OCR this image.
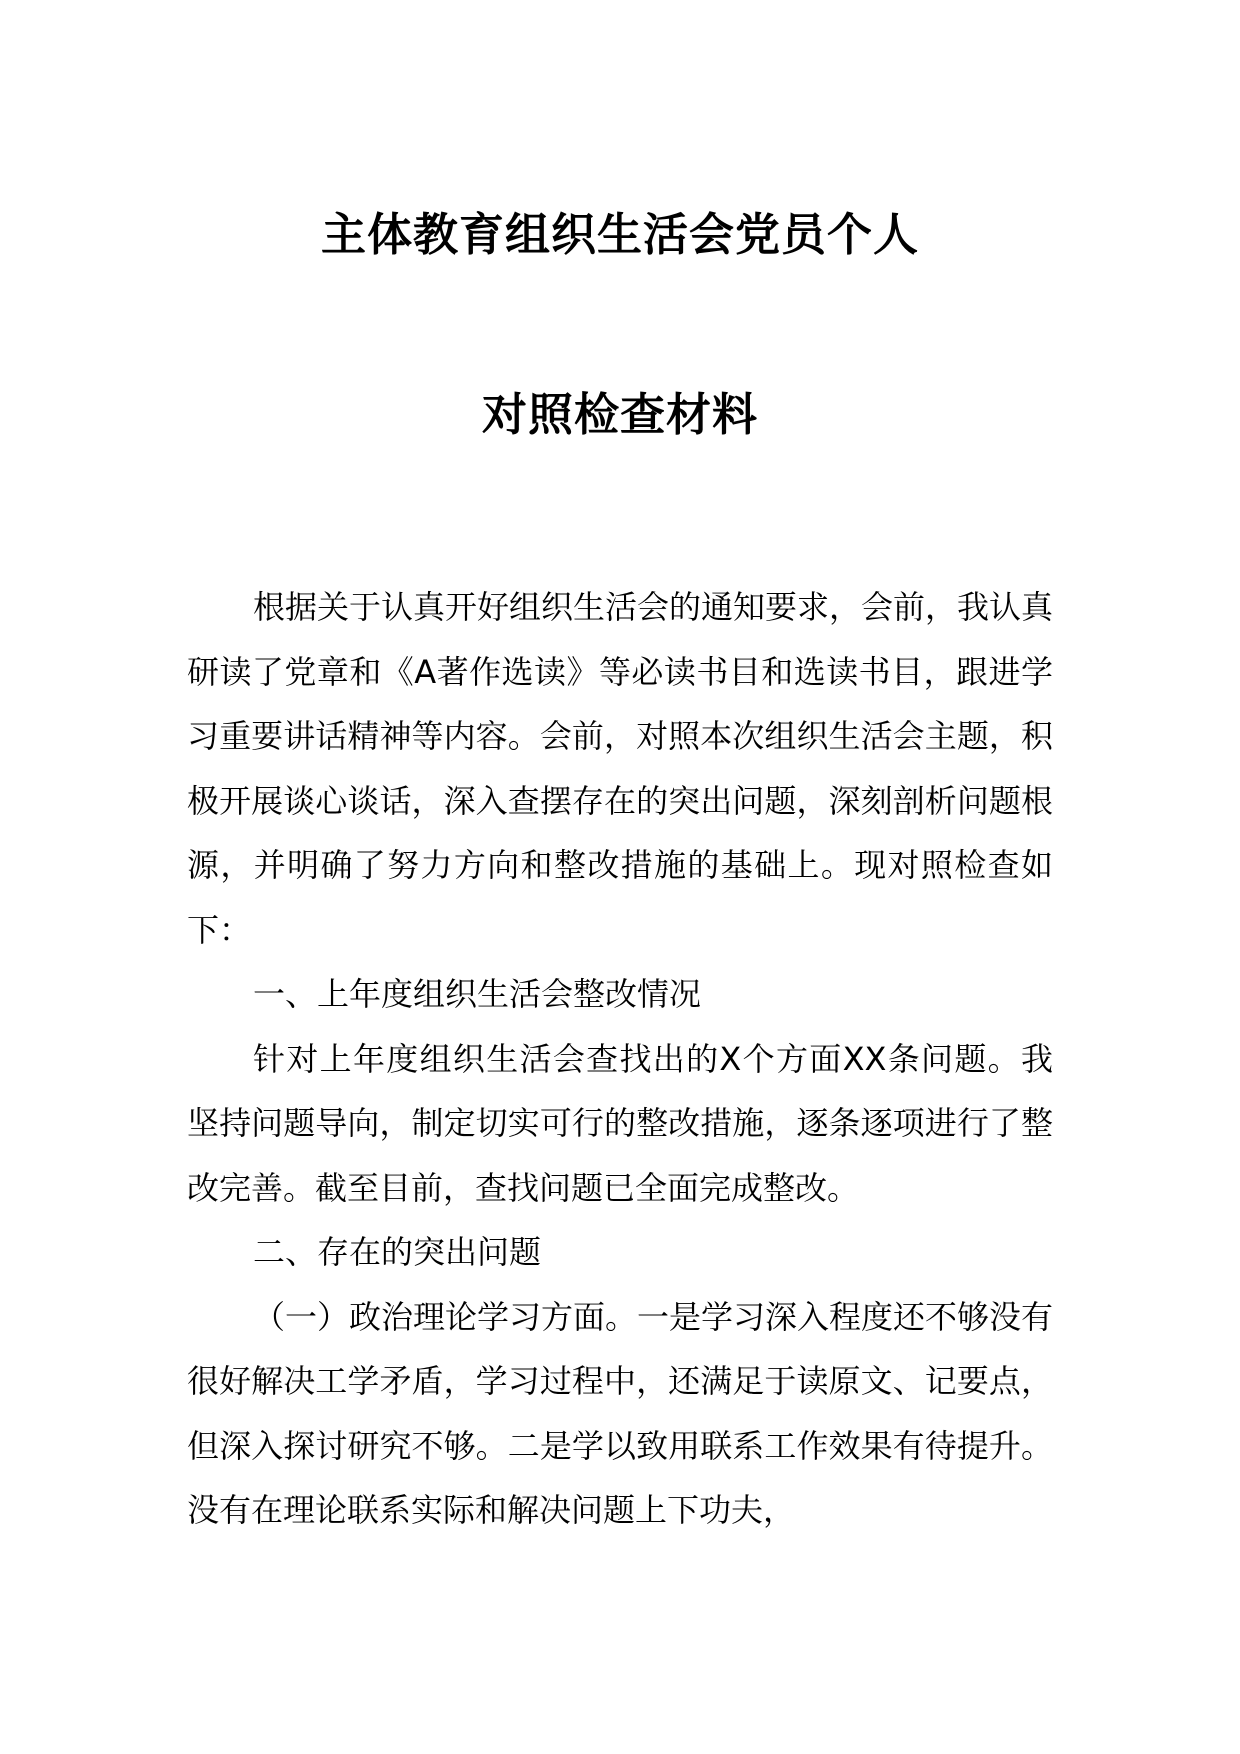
主体教育组织生活会党员个人
对照检查材料

根据关于认真开好组织生活会的通知要求，会前，我认真研读了党章和《A著作选读》等必读书目和选读书目，跟进学习重要讲话精神等内容。会前，对照本次组织生活会主题，积极开展谈心谈话，深入查摆存在的突出问题，深刻剖析问题根源，并明确了努力方向和整改措施的基础上。现对照检查如下：

一、上年度组织生活会整改情况

针对上年度组织生活会查找出的X个方面XX条问题。我坚持问题导向，制定切实可行的整改措施，逐条逐项进行了整改完善。截至目前，查找问题已全面完成整改。

二、存在的突出问题

（一）政治理论学习方面。一是学习深入程度还不够没有很好解决工学矛盾，学习过程中，还满足于读原文、记要点，但深入探讨研究不够。二是学以致用联系工作效果有待提升。没有在理论联系实际和解决问题上下功夫，
